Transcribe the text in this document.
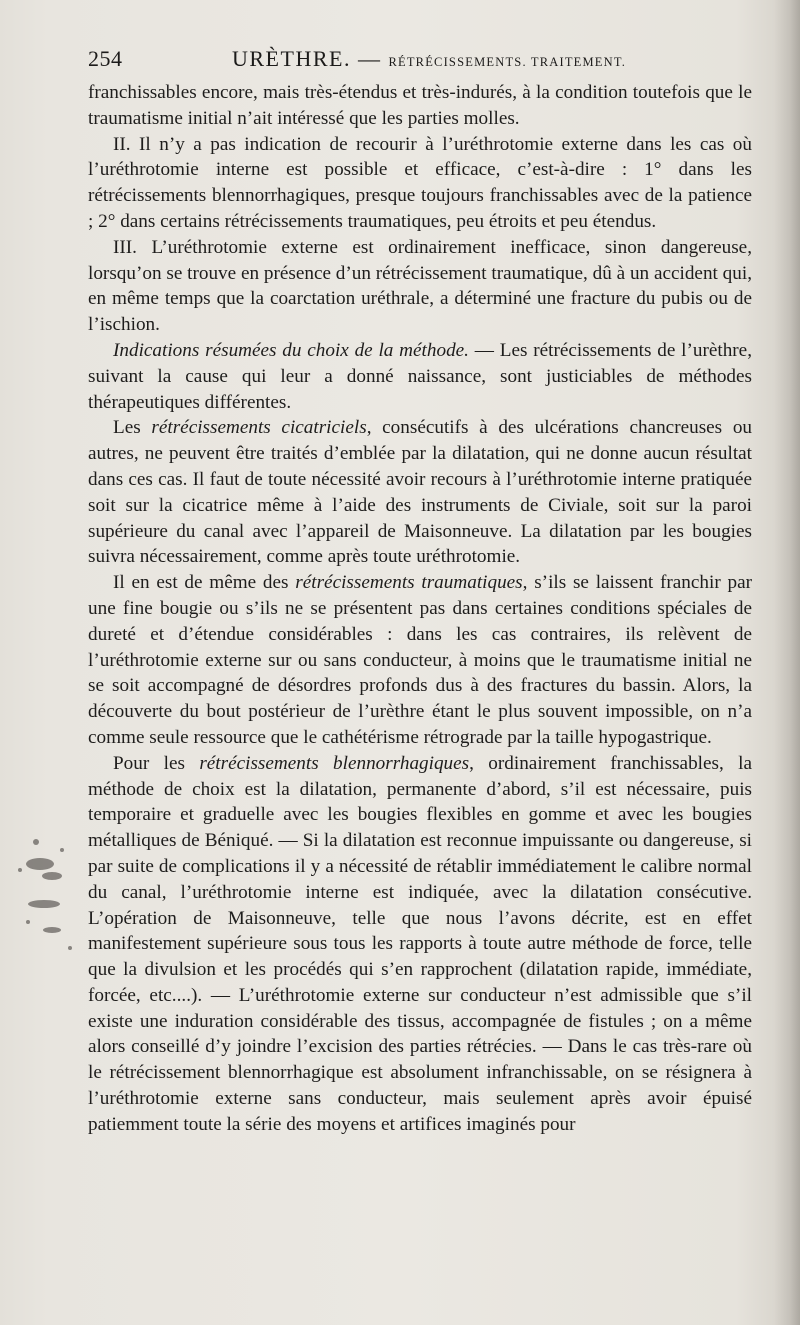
254	URÈTHRE. — RÉTRÉCISSEMENTS. TRAITEMENT.

franchissables encore, mais très-étendus et très-indurés, à la condition toutefois que le traumatisme initial n’ait intéressé que les parties molles.

II. Il n’y a pas indication de recourir à l’uréthrotomie externe dans les cas où l’uréthrotomie interne est possible et efficace, c’est-à-dire : 1° dans les rétrécissements blennorrhagiques, presque toujours franchissables avec de la patience ; 2° dans certains rétrécissements traumatiques, peu étroits et peu étendus.

III. L’uréthrotomie externe est ordinairement inefficace, sinon dangereuse, lorsqu’on se trouve en présence d’un rétrécissement traumatique, dû à un accident qui, en même temps que la coarctation uréthrale, a déterminé une fracture du pubis ou de l’ischion.

Indications résumées du choix de la méthode. — Les rétrécissements de l’urèthre, suivant la cause qui leur a donné naissance, sont justiciables de méthodes thérapeutiques différentes.

Les rétrécissements cicatriciels, consécutifs à des ulcérations chancreuses ou autres, ne peuvent être traités d’emblée par la dilatation, qui ne donne aucun résultat dans ces cas. Il faut de toute nécessité avoir recours à l’uréthrotomie interne pratiquée soit sur la cicatrice même à l’aide des instruments de Civiale, soit sur la paroi supérieure du canal avec l’appareil de Maisonneuve. La dilatation par les bougies suivra nécessairement, comme après toute uréthrotomie.

Il en est de même des rétrécissements traumatiques, s’ils se laissent franchir par une fine bougie ou s’ils ne se présentent pas dans certaines conditions spéciales de dureté et d’étendue considérables : dans les cas contraires, ils relèvent de l’uréthrotomie externe sur ou sans conducteur, à moins que le traumatisme initial ne se soit accompagné de désordres profonds dus à des fractures du bassin. Alors, la découverte du bout postérieur de l’urèthre étant le plus souvent impossible, on n’a comme seule ressource que le cathétérisme rétrograde par la taille hypogastrique.

Pour les rétrécissements blennorrhagiques, ordinairement franchissables, la méthode de choix est la dilatation, permanente d’abord, s’il est nécessaire, puis temporaire et graduelle avec les bougies flexibles en gomme et avec les bougies métalliques de Béniqué. — Si la dilatation est reconnue impuissante ou dangereuse, si par suite de complications il y a nécessité de rétablir immédiatement le calibre normal du canal, l’uréthrotomie interne est indiquée, avec la dilatation consécutive. L’opération de Maisonneuve, telle que nous l’avons décrite, est en effet manifestement supérieure sous tous les rapports à toute autre méthode de force, telle que la divulsion et les procédés qui s’en rapprochent (dilatation rapide, immédiate, forcée, etc....). — L’uréthrotomie externe sur conducteur n’est admissible que s’il existe une induration considérable des tissus, accompagnée de fistules ; on a même alors conseillé d’y joindre l’excision des parties rétrécies. — Dans le cas très-rare où le rétrécissement blennorrhagique est absolument infranchissable, on se résignera à l’uréthrotomie externe sans conducteur, mais seulement après avoir épuisé patiemment toute la série des moyens et artifices imaginés pour
